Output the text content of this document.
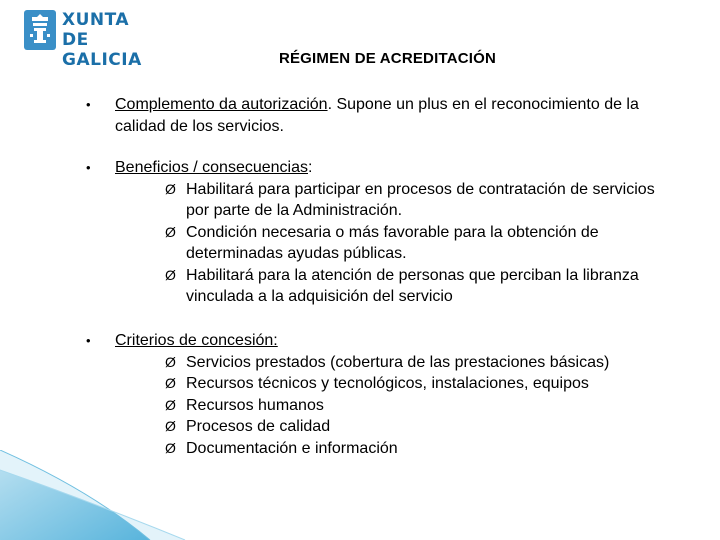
XUNTA
DE GALICIA	RÉGIMEN DE ACREDITACIÓN
• Complemento da autorización. Supone un plus en el reconocimiento de la calidad de los servicios.
• Beneficios / consecuencias:
Ø Habilitará para participar en procesos de contratación de servicios por parte de la Administración.
Ø Condición necesaria o más favorable para la obtención de determinadas ayudas públicas.
Ø Habilitará para la atención de personas que perciban la libranza vinculada a la adquisición del servicio
• Criterios de concesión:
Ø Servicios prestados (cobertura de las prestaciones básicas)
Ø Recursos técnicos y tecnológicos, instalaciones, equipos
Ø Recursos humanos
Ø Procesos de calidad
Ø Documentación e información
